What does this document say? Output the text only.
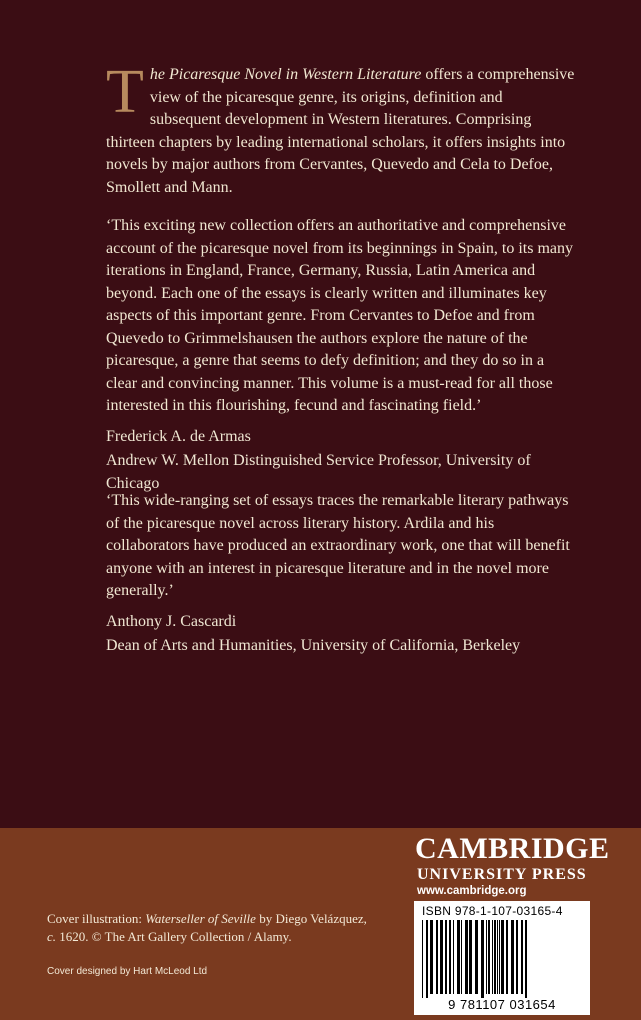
The Picaresque Novel in Western Literature offers a comprehensive view of the picaresque genre, its origins, definition and subsequent development in Western literatures. Comprising thirteen chapters by leading international scholars, it offers insights into novels by major authors from Cervantes, Quevedo and Cela to Defoe, Smollett and Mann.
‘This exciting new collection offers an authoritative and comprehensive account of the picaresque novel from its beginnings in Spain, to its many iterations in England, France, Germany, Russia, Latin America and beyond. Each one of the essays is clearly written and illuminates key aspects of this important genre. From Cervantes to Defoe and from Quevedo to Grimmelshausen the authors explore the nature of the picaresque, a genre that seems to defy definition; and they do so in a clear and convincing manner. This volume is a must-read for all those interested in this flourishing, fecund and fascinating field.’
Frederick A. de Armas
Andrew W. Mellon Distinguished Service Professor, University of Chicago
‘This wide-ranging set of essays traces the remarkable literary pathways of the picaresque novel across literary history. Ardila and his collaborators have produced an extraordinary work, one that will benefit anyone with an interest in picaresque literature and in the novel more generally.’
Anthony J. Cascardi
Dean of Arts and Humanities, University of California, Berkeley
CAMBRIDGE
UNIVERSITY PRESS
www.cambridge.org
ISBN 978-1-107-03165-4
9 781107 031654
Cover illustration: Waterseller of Seville by Diego Velázquez,
c. 1620. © The Art Gallery Collection / Alamy.
Cover designed by Hart McLeod Ltd
